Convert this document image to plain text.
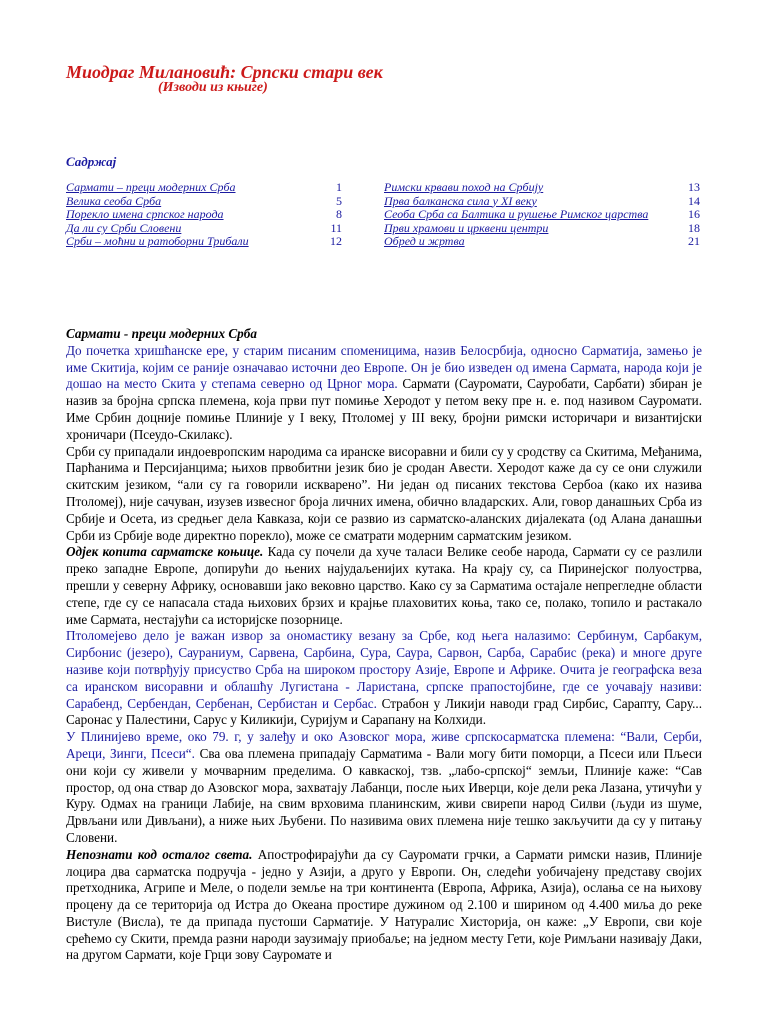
Миодраг Милановић: Српски стари век
(Изводи из књиге)
Садржај
Сармати – преци модерних Срба	1
Велика сеоба Срба	5
Порекло имена српског народа	8
Да ли су Срби Словени	11
Срби – моћни и ратоборни Трибали	12
Римски крвави поход на Србију	13
Прва балканска сила у XI веку	14
Сеоба Срба са Балтика и рушење Римског царства	16
Први храмови и црквени центри	18
Обред и жртва	21

Сармати - преци модерних Срба

До почетка хришћанске ере, у старим писаним споменицима, назив Белосрбија, односно Сарматија, замењо је име Скитија, којим се раније означавао источни део Европе. Он је био изведен од имена Сармата, народа који је дошао на место Скита у степама северно од Црног мора. Сармати (Сауромати, Сауробати, Сарбати) збиран је назив за бројна српска племена, која први пут помиње Херодот у петом веку пре н. е. под називом Сауромати. Име Србин доцније помиње Плиније у I веку, Птоломеј у III веку, бројни римски историчари и византијски хроничари (Псеудо-Скилакс).

Срби су припадали индоевропским народима са иранске висоравни и били су у сродству са Скитима, Међанима, Парћанима и Персијанцима; њихов првобитни језик био је сродан Авести. Херодот каже да су се они служили скитским језиком, “али су га говорили искварено”. Ни један од писаних текстова Сербоа (како их назива Птоломеј), није сачуван, изузев извесног броја личних имена, обично владарских. Али, говор данашњих Срба из Србије и Осета, из средњег дела Кавказа, који се развио из сарматско-аланских дијалеката (од Алана данашњи Срби из Србије воде директно порекло), може се сматрати модерним сарматским језиком.

Одјек копита сарматске коњице. Када су почели да хуче таласи Велике сеобе народа, Сармати су се разлили преко западне Европе, допирући до њених најудаљенијих кутака. На крају су, са Пиринејског полуострва, прешли у северну Африку, основавши јако вековно царство. Како су за Сарматима остајале непрегледне области степе, где су се напасала стада њихових брзих и крајње плаховитих коња, тако се, полако, топило и растакало име Сармата, нестајући са историјске позорнице.

Птоломејево дело је важан извор за ономастику везану за Србе, код њега налазимо: Сербинум, Сарбакум, Сирбонис (језеро), Саураниум, Сарвена, Сарбина, Сура, Саура, Сарвон, Сарба, Сарабис (река) и многе друге називе који потврђују присуство Срба на широком простору Азије, Европе и Африке. Очита је географска веза са иранском висоравни и облашћу Лугистана - Ларистана, српске прапостојбине, где се уочавају називи: Сарабенд, Сербендан, Сербенан, Сербистан и Сербас. Страбон у Ликији наводи град Сирбис, Сарапту, Сару... Саронас у Палестини, Сарус у Киликији, Суријум и Сарапану на Колхиди.

У Плинијево време, око 79. г, у залеђу и око Азовског мора, живе српскосарматска племена: “Вали, Серби, Ареци, Зинги, Псеси“. Сва ова племена припадају Сарматима - Вали могу бити поморци, а Псеси или Пљеси они који су живели у мочварним пределима. О кавкаској, тзв. „лабо-српској“ земљи, Плиније каже: “Сав простор, од она ствар до Азовског мора, захватају Лабанци, после њих Иверци, које дели река Лазана, утичући у Куру. Одмах на граници Лабије, на свим врховима планинским, живи свирепи народ Силви (људи из шуме, Дрвљани или Дивљани), а ниже њих Љубени. По називима ових племена није тешко закључити да су у питању Словени.

Непознати код осталог света. Апострофирајући да су Сауромати грчки, а Сармати римски назив, Плиније лоцира два сарматска подручја - једно у Азији, а друго у Европи. Он, следећи уобичајену представу својих претходника, Агрипе и Меле, о подели земље на три континента (Европа, Африка, Азија), ослања се на њихову процену да се територија од Истра до Океана простире дужином од 2.100 и ширином од 4.400 миља до реке Вистуле (Висла), те да припада пустоши Сарматије. У Натуралис Хисторија, он каже: „У Европи, сви које срећемо су Скити, премда разни народи заузимају приобаље; на једном месту Гети, које Римљани називају Даки, на другом Сармати, које Грци зову Сауромате и
